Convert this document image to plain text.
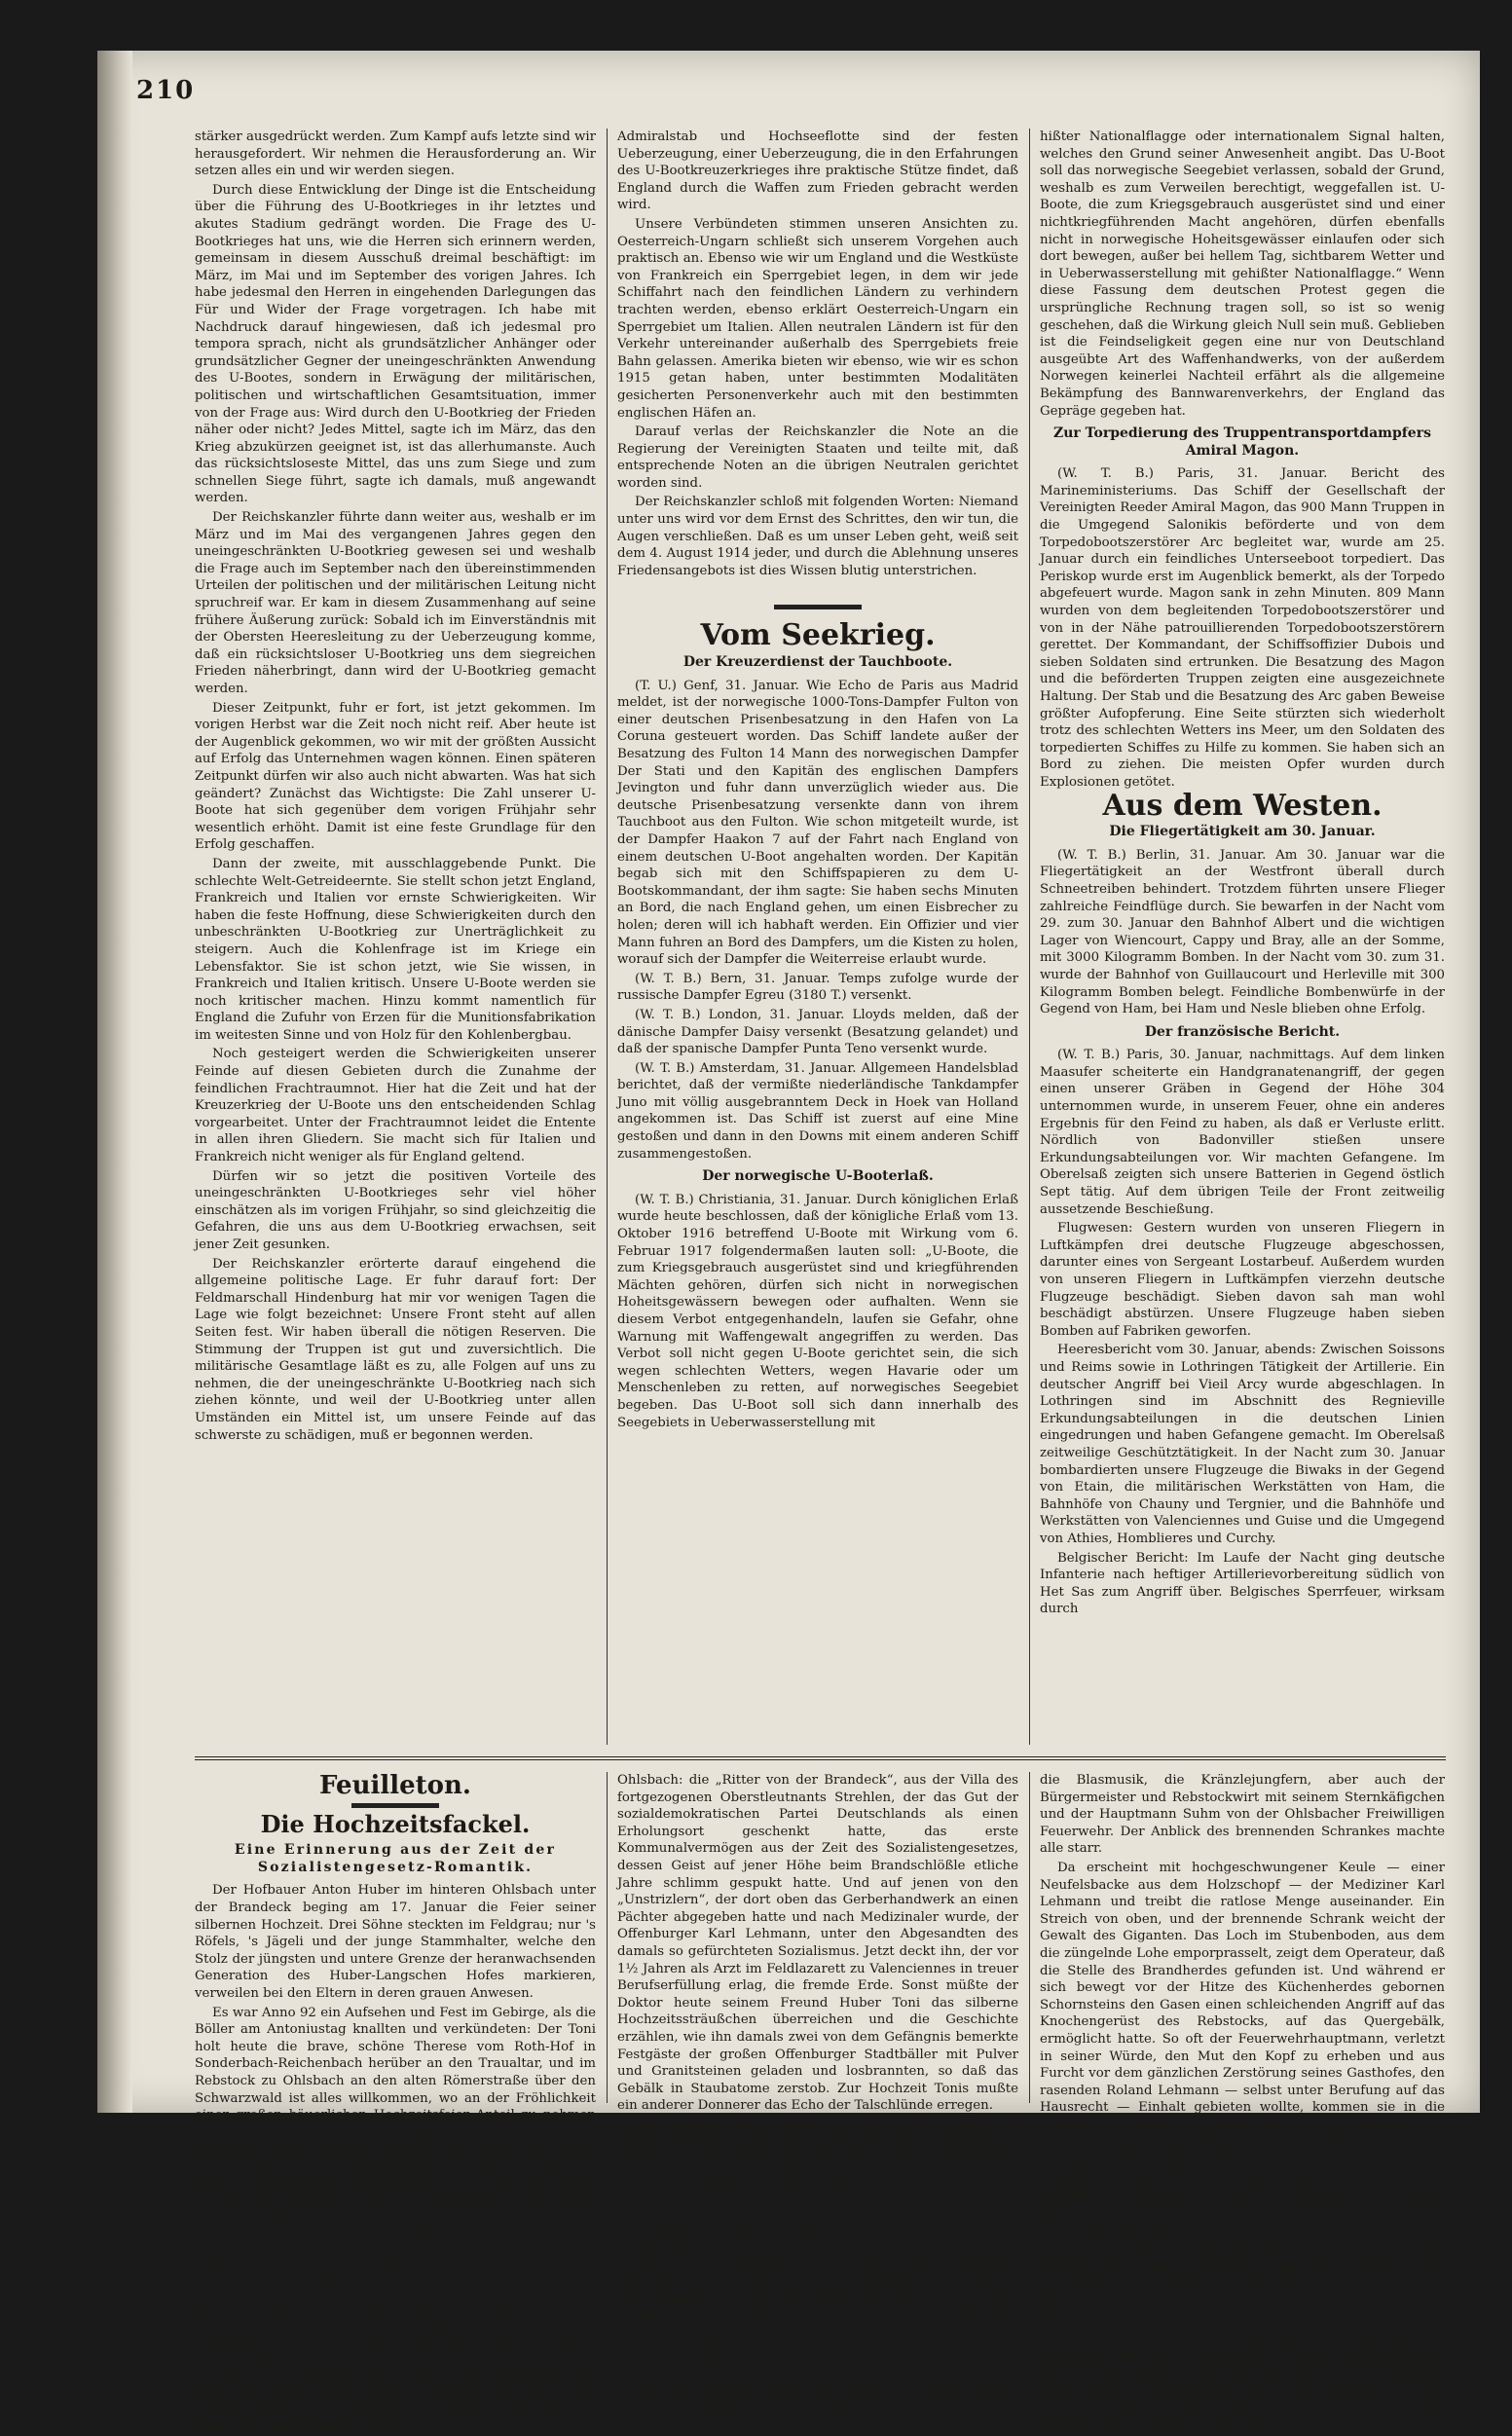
210

stärker ausgedrückt werden. Zum Kampf aufs letzte sind wir herausgefordert. Wir nehmen die Herausforderung an. Wir setzen alles ein und wir werden siegen.

Durch diese Entwicklung der Dinge ist die Entscheidung über die Führung des U-Bootkrieges in ihr letztes und akutes Stadium gedrängt worden. Die Frage des U-Bootkrieges hat uns, wie die Herren sich erinnern werden, gemeinsam in diesem Ausschuß dreimal beschäftigt: im März, im Mai und im September des vorigen Jahres. Ich habe jedesmal den Herren in eingehenden Darlegungen das Für und Wider der Frage vorgetragen. Ich habe mit Nachdruck darauf hingewiesen, daß ich jedesmal pro tempora sprach, nicht als grundsätzlicher Anhänger oder grundsätzlicher Gegner der uneingeschränkten Anwendung des U-Bootes, sondern in Erwägung der militärischen, politischen und wirtschaftlichen Gesamtsituation, immer von der Frage aus: Wird durch den U-Bootkrieg der Frieden näher oder nicht? Jedes Mittel, sagte ich im März, das den Krieg abzukürzen geeignet ist, ist das allerhumanste. Auch das rücksichtsloseste Mittel, das uns zum Siege und zum schnellen Siege führt, sagte ich damals, muß angewandt werden.

Der Reichskanzler führte dann weiter aus, weshalb er im März und im Mai des vergangenen Jahres gegen den uneingeschränkten U-Bootkrieg gewesen sei und weshalb die Frage auch im September nach den übereinstimmenden Urteilen der politischen und der militärischen Leitung nicht spruchreif war. Er kam in diesem Zusammenhang auf seine frühere Äußerung zurück: Sobald ich im Einverständnis mit der Obersten Heeresleitung zu der Ueberzeugung komme, daß ein rücksichtsloser U-Bootkrieg uns dem siegreichen Frieden näherbringt, dann wird der U-Bootkrieg gemacht werden.

Dieser Zeitpunkt, fuhr er fort, ist jetzt gekommen. Im vorigen Herbst war die Zeit noch nicht reif. Aber heute ist der Augenblick gekommen, wo wir mit der größten Aussicht auf Erfolg das Unternehmen wagen können. Einen späteren Zeitpunkt dürfen wir also auch nicht abwarten. Was hat sich geändert? Zunächst das Wichtigste: Die Zahl unserer U-Boote hat sich gegenüber dem vorigen Frühjahr sehr wesentlich erhöht. Damit ist eine feste Grundlage für den Erfolg geschaffen.

Dann der zweite, mit ausschlaggebende Punkt. Die schlechte Welt-Getreideernte. Sie stellt schon jetzt England, Frankreich und Italien vor ernste Schwierigkeiten. Wir haben die feste Hoffnung, diese Schwierigkeiten durch den unbeschränkten U-Bootkrieg zur Unerträglichkeit zu steigern. Auch die Kohlenfrage ist im Kriege ein Lebensfaktor. Sie ist schon jetzt, wie Sie wissen, in Frankreich und Italien kritisch. Unsere U-Boote werden sie noch kritischer machen. Hinzu kommt namentlich für England die Zufuhr von Erzen für die Munitionsfabrikation im weitesten Sinne und von Holz für den Kohlenbergbau.

Noch gesteigert werden die Schwierigkeiten unserer Feinde auf diesen Gebieten durch die Zunahme der feindlichen Frachtraumnot. Hier hat die Zeit und hat der Kreuzerkrieg der U-Boote uns den entscheidenden Schlag vorgearbeitet. Unter der Frachtraumnot leidet die Entente in allen ihren Gliedern. Sie macht sich für Italien und Frankreich nicht weniger als für England geltend.

Dürfen wir so jetzt die positiven Vorteile des uneingeschränkten U-Bootkrieges sehr viel höher einschätzen als im vorigen Frühjahr, so sind gleichzeitig die Gefahren, die uns aus dem U-Bootkrieg erwachsen, seit jener Zeit gesunken.

Der Reichskanzler erörterte darauf eingehend die allgemeine politische Lage. Er fuhr darauf fort: Der Feldmarschall Hindenburg hat mir vor wenigen Tagen die Lage wie folgt bezeichnet: Unsere Front steht auf allen Seiten fest. Wir haben überall die nötigen Reserven. Die Stimmung der Truppen ist gut und zuversichtlich. Die militärische Gesamtlage läßt es zu, alle Folgen auf uns zu nehmen, die der uneingeschränkte U-Bootkrieg nach sich ziehen könnte, und weil der U-Bootkrieg unter allen Umständen ein Mittel ist, um unsere Feinde auf das schwerste zu schädigen, muß er begonnen werden.

Admiralstab und Hochseeflotte sind der festen Ueberzeugung, einer Ueberzeugung, die in den Erfahrungen des U-Bootkreuzerkrieges ihre praktische Stütze findet, daß England durch die Waffen zum Frieden gebracht werden wird.

Unsere Verbündeten stimmen unseren Ansichten zu. Oesterreich-Ungarn schließt sich unserem Vorgehen auch praktisch an. Ebenso wie wir um England und die Westküste von Frankreich ein Sperrgebiet legen, in dem wir jede Schiffahrt nach den feindlichen Ländern zu verhindern trachten werden, ebenso erklärt Oesterreich-Ungarn ein Sperrgebiet um Italien. Allen neutralen Ländern ist für den Verkehr untereinander außerhalb des Sperrgebiets freie Bahn gelassen. Amerika bieten wir ebenso, wie wir es schon 1915 getan haben, unter bestimmten Modalitäten gesicherten Personenverkehr auch mit den bestimmten englischen Häfen an.

Darauf verlas der Reichskanzler die Note an die Regierung der Vereinigten Staaten und teilte mit, daß entsprechende Noten an die übrigen Neutralen gerichtet worden sind.

Der Reichskanzler schloß mit folgenden Worten: Niemand unter uns wird vor dem Ernst des Schrittes, den wir tun, die Augen verschließen. Daß es um unser Leben geht, weiß seit dem 4. August 1914 jeder, und durch die Ablehnung unseres Friedensangebots ist dies Wissen blutig unterstrichen.

Vom Seekrieg.
Der Kreuzerdienst der Tauchboote.

(T. U.) Genf, 31. Januar. Wie Echo de Paris aus Madrid meldet, ist der norwegische 1000-Tons-Dampfer Fulton von einer deutschen Prisenbesatzung in den Hafen von La Coruna gesteuert worden. Das Schiff landete außer der Besatzung des Fulton 14 Mann des norwegischen Dampfer Der Stati und den Kapitän des englischen Dampfers Jevington und fuhr dann unverzüglich wieder aus. Die deutsche Prisenbesatzung versenkte dann von ihrem Tauchboot aus den Fulton. Wie schon mitgeteilt wurde, ist der Dampfer Haakon 7 auf der Fahrt nach England von einem deutschen U-Boot angehalten worden. Der Kapitän begab sich mit den Schiffspapieren zu dem U-Bootskommandant, der ihm sagte: Sie haben sechs Minuten an Bord, die nach England gehen, um einen Eisbrecher zu holen; deren will ich habhaft werden. Ein Offizier und vier Mann fuhren an Bord des Dampfers, um die Kisten zu holen, worauf sich der Dampfer die Weiterreise erlaubt wurde.

(W. T. B.) Bern, 31. Januar. Temps zufolge wurde der russische Dampfer Egreu (3180 T.) versenkt.

(W. T. B.) London, 31. Januar. Lloyds melden, daß der dänische Dampfer Daisy versenkt (Besatzung gelandet) und daß der spanische Dampfer Punta Teno versenkt wurde.

(W. T. B.) Amsterdam, 31. Januar. Allgemeen Handelsblad berichtet, daß der vermißte niederländische Tankdampfer Juno mit völlig ausgebranntem Deck in Hoek van Holland angekommen ist. Das Schiff ist zuerst auf eine Mine gestoßen und dann in den Downs mit einem anderen Schiff zusammengestoßen.

Der norwegische U-Booterlaß.

(W. T. B.) Christiania, 31. Januar. Durch königlichen Erlaß wurde heute beschlossen, daß der königliche Erlaß vom 13. Oktober 1916 betreffend U-Boote mit Wirkung vom 6. Februar 1917 folgendermaßen lauten soll: „U-Boote, die zum Kriegsgebrauch ausgerüstet sind und kriegführenden Mächten gehören, dürfen sich nicht in norwegischen Hoheitsgewässern bewegen oder aufhalten. Wenn sie diesem Verbot entgegenhandeln, laufen sie Gefahr, ohne Warnung mit Waffengewalt angegriffen zu werden. Das Verbot soll nicht gegen U-Boote gerichtet sein, die sich wegen schlechten Wetters, wegen Havarie oder um Menschenleben zu retten, auf norwegisches Seegebiet begeben. Das U-Boot soll sich dann innerhalb des Seegebiets in Ueberwasserstellung mit

hißter Nationalflagge oder internationalem Signal halten, welches den Grund seiner Anwesenheit angibt. Das U-Boot soll das norwegische Seegebiet verlassen, sobald der Grund, weshalb es zum Verweilen berechtigt, weggefallen ist. U-Boote, die zum Kriegsgebrauch ausgerüstet sind und einer nichtkriegführenden Macht angehören, dürfen ebenfalls nicht in norwegische Hoheitsgewässer einlaufen oder sich dort bewegen, außer bei hellem Tag, sichtbarem Wetter und in Ueberwasserstellung mit gehißter Nationalflagge.“ Wenn diese Fassung dem deutschen Protest gegen die ursprüngliche Rechnung tragen soll, so ist so wenig geschehen, daß die Wirkung gleich Null sein muß. Geblieben ist die Feindseligkeit gegen eine nur von Deutschland ausgeübte Art des Waffenhandwerks, von der außerdem Norwegen keinerlei Nachteil erfährt als die allgemeine Bekämpfung des Bannwarenverkehrs, der England das Gepräge gegeben hat.

Zur Torpedierung des Truppentransportdampfers Amiral Magon.

(W. T. B.) Paris, 31. Januar. Bericht des Marineministeriums. Das Schiff der Gesellschaft der Vereinigten Reeder Amiral Magon, das 900 Mann Truppen in die Umgegend Salonikis beförderte und von dem Torpedobootszerstörer Arc begleitet war, wurde am 25. Januar durch ein feindliches Unterseeboot torpediert. Das Periskop wurde erst im Augenblick bemerkt, als der Torpedo abgefeuert wurde. Magon sank in zehn Minuten. 809 Mann wurden von dem begleitenden Torpedobootszerstörer und von in der Nähe patrouillierenden Torpedobootszerstörern gerettet. Der Kommandant, der Schiffsoffizier Dubois und sieben Soldaten sind ertrunken. Die Besatzung des Magon und die beförderten Truppen zeigten eine ausgezeichnete Haltung. Der Stab und die Besatzung des Arc gaben Beweise größter Aufopferung. Eine Seite stürzten sich wiederholt trotz des schlechten Wetters ins Meer, um den Soldaten des torpedierten Schiffes zu Hilfe zu kommen. Sie haben sich an Bord zu ziehen. Die meisten Opfer wurden durch Explosionen getötet.

Aus dem Westen.
Die Fliegertätigkeit am 30. Januar.

(W. T. B.) Berlin, 31. Januar. Am 30. Januar war die Fliegertätigkeit an der Westfront überall durch Schneetreiben behindert. Trotzdem führten unsere Flieger zahlreiche Feindflüge durch. Sie bewarfen in der Nacht vom 29. zum 30. Januar den Bahnhof Albert und die wichtigen Lager von Wiencourt, Cappy und Bray, alle an der Somme, mit 3000 Kilogramm Bomben. In der Nacht vom 30. zum 31. wurde der Bahnhof von Guillaucourt und Herleville mit 300 Kilogramm Bomben belegt. Feindliche Bombenwürfe in der Gegend von Ham, bei Ham und Nesle blieben ohne Erfolg.

Der französische Bericht.

(W. T. B.) Paris, 30. Januar, nachmittags. Auf dem linken Maasufer scheiterte ein Handgranatenangriff, der gegen einen unserer Gräben in Gegend der Höhe 304 unternommen wurde, in unserem Feuer, ohne ein anderes Ergebnis für den Feind zu haben, als daß er Verluste erlitt. Nördlich von Badonviller stießen unsere Erkundungsabteilungen vor. Wir machten Gefangene. Im Oberelsaß zeigten sich unsere Batterien in Gegend östlich Sept tätig. Auf dem übrigen Teile der Front zeitweilig aussetzende Beschießung.

Flugwesen: Gestern wurden von unseren Fliegern in Luftkämpfen drei deutsche Flugzeuge abgeschossen, darunter eines von Sergeant Lostarbeuf. Außerdem wurden von unseren Fliegern in Luftkämpfen vierzehn deutsche Flugzeuge beschädigt. Sieben davon sah man wohl beschädigt abstürzen. Unsere Flugzeuge haben sieben Bomben auf Fabriken geworfen.

Heeresbericht vom 30. Januar, abends: Zwischen Soissons und Reims sowie in Lothringen Tätigkeit der Artillerie. Ein deutscher Angriff bei Vieil Arcy wurde abgeschlagen. In Lothringen sind im Abschnitt des Regnieville Erkundungsabteilungen in die deutschen Linien eingedrungen und haben Gefangene gemacht. Im Oberelsaß zeitweilige Geschütztätigkeit. In der Nacht zum 30. Januar bombardierten unsere Flugzeuge die Biwaks in der Gegend von Etain, die militärischen Werkstätten von Ham, die Bahnhöfe von Chauny und Tergnier, und die Bahnhöfe und Werkstätten von Valenciennes und Guise und die Umgegend von Athies, Homblieres und Curchy.

Belgischer Bericht: Im Laufe der Nacht ging deutsche Infanterie nach heftiger Artillerievorbereitung südlich von Het Sas zum Angriff über. Belgisches Sperrfeuer, wirksam durch

Feuilleton.
Die Hochzeitsfackel.
Eine Erinnerung aus der Zeit der Sozialistengesetz-Romantik.

Der Hofbauer Anton Huber im hinteren Ohlsbach unter der Brandeck beging am 17. Januar die Feier seiner silbernen Hochzeit. Drei Söhne steckten im Feldgrau; nur 's Röfels, 's Jägeli und der junge Stammhalter, welche den Stolz der jüngsten und untere Grenze der heranwachsenden Generation des Huber-Langschen Hofes markieren, verweilen bei den Eltern in deren grauen Anwesen.

Es war Anno 92 ein Aufsehen und Fest im Gebirge, als die Böller am Antoniustag knallten und verkündeten: Der Toni holt heute die brave, schöne Therese vom Roth-Hof in Sonderbach-Reichenbach herüber an den Traualtar, und im Rebstock zu Ohlsbach an den alten Römerstraße über den Schwarzwald ist alles willkommen, wo an der Fröhlichkeit einer großen bäuerlichen Hochzeitsfeier Anteil zu nehmen wünscht. Der Rebstockwirt Bruder, dessen Keller für den Ansturm sachverständiger Trinker stets wohl vorbereitet war, versah auch die Speisekammer mit Proviant für eine Armee anstürmender Feinschmecker aus Stadt und Land; und für der nahrhaften Dinge sachverständige Zubereitung sorgten Gastronomen erster Güte.

Der große Wirtschaftsherd, auf dem das Fleisch alter und junger Rinder, der Schweine und Rehe neben Rudeln „Spätzle“ und Erdäpfeln gekocht wurde, entlockte schon den Tag zuvor eine Hitze in den alten Ziegelsteinen, die man sich schon lange nicht mehr eingeheizt worden war. Beim Dämmern des schönen Wintermorgens wurden schon die Rauchsäule sich hoch aus dem Schornstein empor, die emsig zum Himmel.

Unter den Festgästen, die alle Wirts- und Wohnräume des alten Rebstocks gegen Abend anfüllten, war auch eine Anzahl Freunde und Genossen des jungen Bauern, die zum Bunde hereingekommen waren.

Ohlsbach: die „Ritter von der Brandeck“, aus der Villa des fortgezogenen Oberstleutnants Strehlen, der das Gut der sozialdemokratischen Partei Deutschlands als einen Erholungsort geschenkt hatte, das erste Kommunalvermögen aus der Zeit des Sozialistengesetzes, dessen Geist auf jener Höhe beim Brandschlößle etliche Jahre schlimm gespukt hatte. Und auf jenen von den „Unstrizlern“, der dort oben das Gerberhandwerk an einen Pächter abgegeben hatte und nach Medizinaler wurde, der Offenburger Karl Lehmann, unter den Abgesandten des damals so gefürchteten Sozialismus. Jetzt deckt ihn, der vor 1½ Jahren als Arzt im Feldlazarett zu Valenciennes in treuer Berufserfüllung erlag, die fremde Erde. Sonst müßte der Doktor heute seinem Freund Huber Toni das silberne Hochzeitssträußchen überreichen und die Geschichte erzählen, wie ihn damals zwei von dem Gefängnis bemerkte Festgäste der großen Offenburger Stadtbäller mit Pulver und Granitsteinen geladen und losbrannten, so daß das Gebälk in Staubatome zerstob. Zur Hochzeit Tonis mußte ein anderer Donnerer das Echo der Talschlünde erregen.

Die Hochzeit war glänzend verlaufen. Die Festrede des Volksfreund-Redakteurs hatte gezündet, und die Musikanten spielten auf dem Tanzboden für alle politischen Richtungen und für die Bekenner aller Religionen auf. Plötzlich — es mag um die zehnte Abendstunde gewesen sein — roch es sehr brenzlich im Nebenzimmer, das sich an den Festsaal des oberen Geschoßes anreihte.

„Es brennt!“ —

Aus einem Kleiderkasten qualmte ein stinkender Schwaden hervor. Die Tür wird aufgerissen. Da schlugen helle Flammen an und, die Leinen- und Kleiderzeug ergriff hatten und von dem „Sauer“stoff der einströmenden Festsaalatmosphäre zu einem unerfreuenden Freudenfeuer angefacht wurden.

„Es brennt!“

Aus allen Räumen strömt alles herbei. An Wasser fehlte es nicht. Das Hochzeitspaar, die Ehemaligen

die Blasmusik, die Kränzlejungfern, aber auch der Bürgermeister und Rebstockwirt mit seinem Sternkäfigchen und der Hauptmann Suhm von der Ohlsbacher Freiwilligen Feuerwehr. Der Anblick des brennenden Schrankes machte alle starr.

Da erscheint mit hochgeschwungener Keule — einer Neufelsbacke aus dem Holzschopf — der Mediziner Karl Lehmann und treibt die ratlose Menge auseinander. Ein Streich von oben, und der brennende Schrank weicht der Gewalt des Giganten. Das Loch im Stubenboden, aus dem die züngelnde Lohe emporprasselt, zeigt dem Operateur, daß die Stelle des Brandherdes gefunden ist. Und während er sich bewegt vor der Hitze des Küchenherdes gebornen Schornsteins den Gasen einen schleichenden Angriff auf das Knochengerüst des Rebstocks, auf das Quergebälk, ermöglicht hatte. So oft der Feuerwehrhauptmann, verletzt in seiner Würde, den Mut den Kopf zu erheben und aus Furcht vor dem gänzlichen Zerstörung seines Gasthofes, den rasenden Roland Lehmann — selbst unter Berufung auf das Hausrecht — Einhalt gebieten wollte, kommen sie in die Gefahr, als „Kittchau“ zu geraten wie knorrige Baumwurzeln.

„Doo brennts, ihr Simpel!“ lautet stets die mit der Operation verbundene Belehrung, als Karl Lehmann die ganz respektable Brandstelle ausgesondert hatte, um zur aseptischen Behandlung der gefährlichen Wucherung überzugehen.

„He do, Wein her!“

Und die Ritter von der Brandeck stürzen sich auf alle Weinflaschen der Festtische, bis die hohlen und ausgeblühten „Boudellen“ von der Hochzeitstafel, vom Tisch der Spielleute, die ohne ein Ende sich begleiteten, erhalten hatten.

Der Rebstockwirt wollte wahnsinnig werden, als der Weißherbst und der „Meißenwösch“ auf die Weißen Stuben- und wie eine allegorische Götterspende. Aber die Weißstiel blieb Meister. Und schließlich war es kein Wunder, da an der Ausschank Rausch zeugen vom verdroschenen Brande. Doch bei den edleren Gemütern der Ohls-
